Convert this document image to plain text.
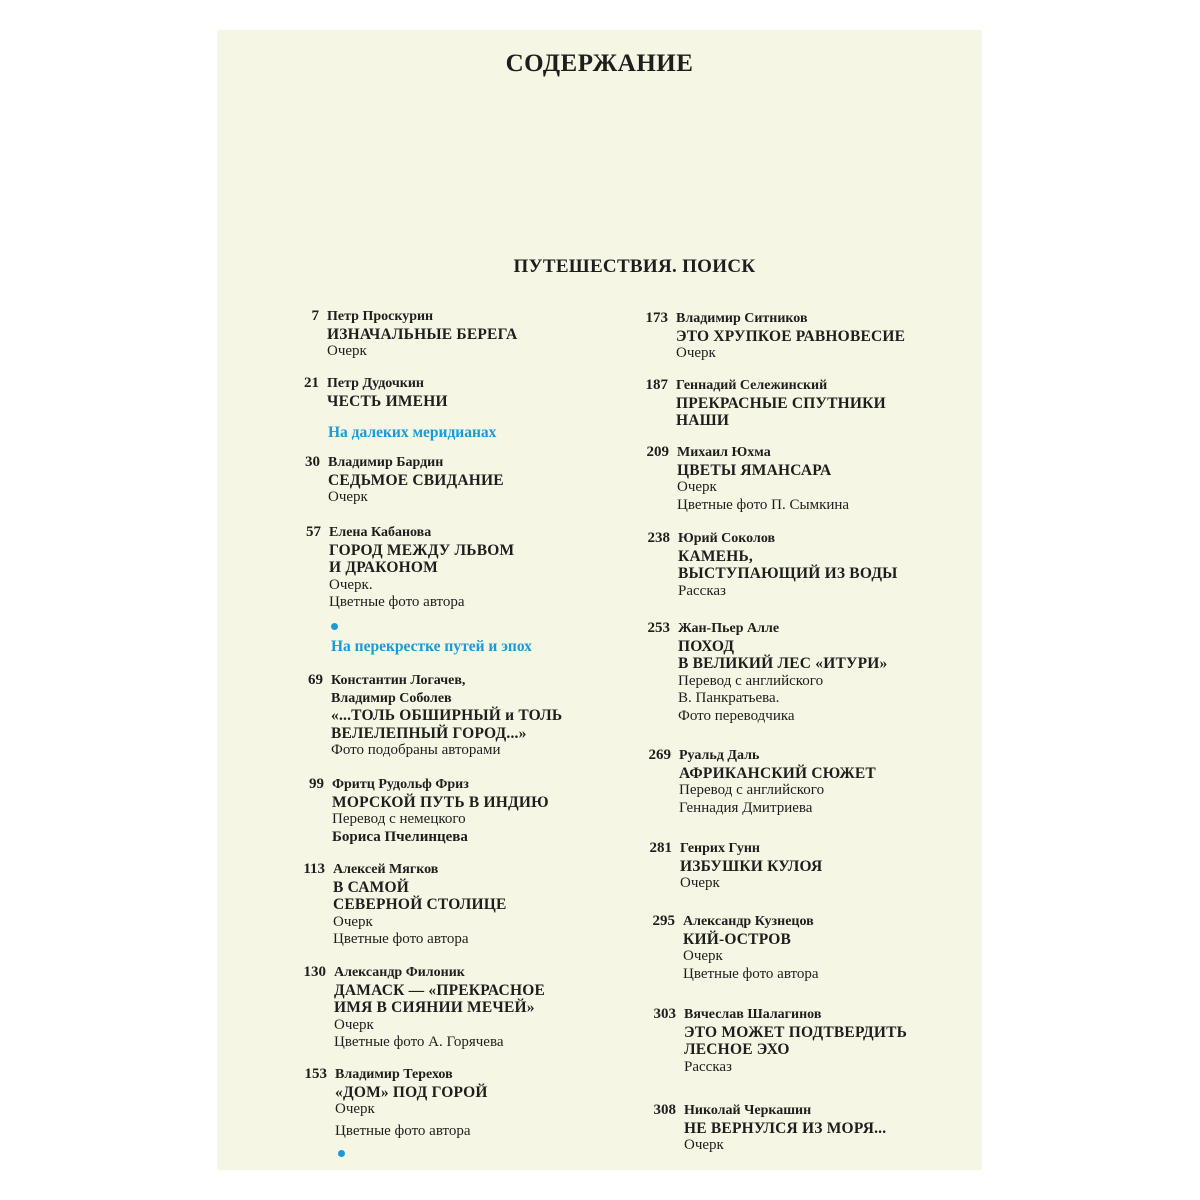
СОДЕРЖАНИЕ
ПУТЕШЕСТВИЯ. ПОИСК
7 Петр Проскурин
ИЗНАЧАЛЬНЫЕ БЕРЕГА
Очерк
21 Петр Дудочкин
ЧЕСТЬ ИМЕНИ
На далеких меридианах
30 Владимир Бардин
СЕДЬМОЕ СВИДАНИЕ
Очерк
57 Елена Кабанова
ГОРОД МЕЖДУ ЛЬВОМ
И ДРАКОНОМ
Очерк.
Цветные фото автора
На перекрестке путей и эпох
69 Константин Логачев,
Владимир Соболев
«...ТОЛЬ ОБШИРНЫЙ и ТОЛЬ
ВЕЛЕЛЕПНЫЙ ГОРОД...»
Фото подобраны авторами
99 Фритц Рудольф Фриз
МОРСКОЙ ПУТЬ В ИНДИЮ
Перевод с немецкого
Бориса Пчелинцева
113 Алексей Мягков
В САМОЙ
СЕВЕРНОЙ СТОЛИЦЕ
Очерк
Цветные фото автора
130 Александр Филоник
ДАМАСК — «ПРЕКРАСНОЕ
ИМЯ В СИЯНИИ МЕЧЕЙ»
Очерк
Цветные фото А. Горячева
153 Владимир Терехов
«ДОМ» ПОД ГОРОЙ
Очерк
Цветные фото автора
173 Владимир Ситников
ЭТО ХРУПКОЕ РАВНОВЕСИЕ
Очерк
187 Геннадий Сележинский
ПРЕКРАСНЫЕ СПУТНИКИ
НАШИ
209 Михаил Юхма
ЦВЕТЫ ЯМАНСАРА
Очерк
Цветные фото П. Сымкина
238 Юрий Соколов
КАМЕНЬ,
ВЫСТУПАЮЩИЙ ИЗ ВОДЫ
Рассказ
253 Жан-Пьер Алле
ПОХОД
В ВЕЛИКИЙ ЛЕС «ИТУРИ»
Перевод с английского
В. Панкратьева.
Фото переводчика
269 Руальд Даль
АФРИКАНСКИЙ СЮЖЕТ
Перевод с английского
Геннадия Дмитриева
281 Генрих Гунн
ИЗБУШКИ КУЛОЯ
Очерк
295 Александр Кузнецов
КИЙ-ОСТРОВ
Очерк
Цветные фото автора
303 Вячеслав Шалагинов
ЭТО МОЖЕТ ПОДТВЕРДИТЬ
ЛЕСНОЕ ЭХО
Рассказ
308 Николай Черкашин
НЕ ВЕРНУЛСЯ ИЗ МОРЯ...
Очерк
